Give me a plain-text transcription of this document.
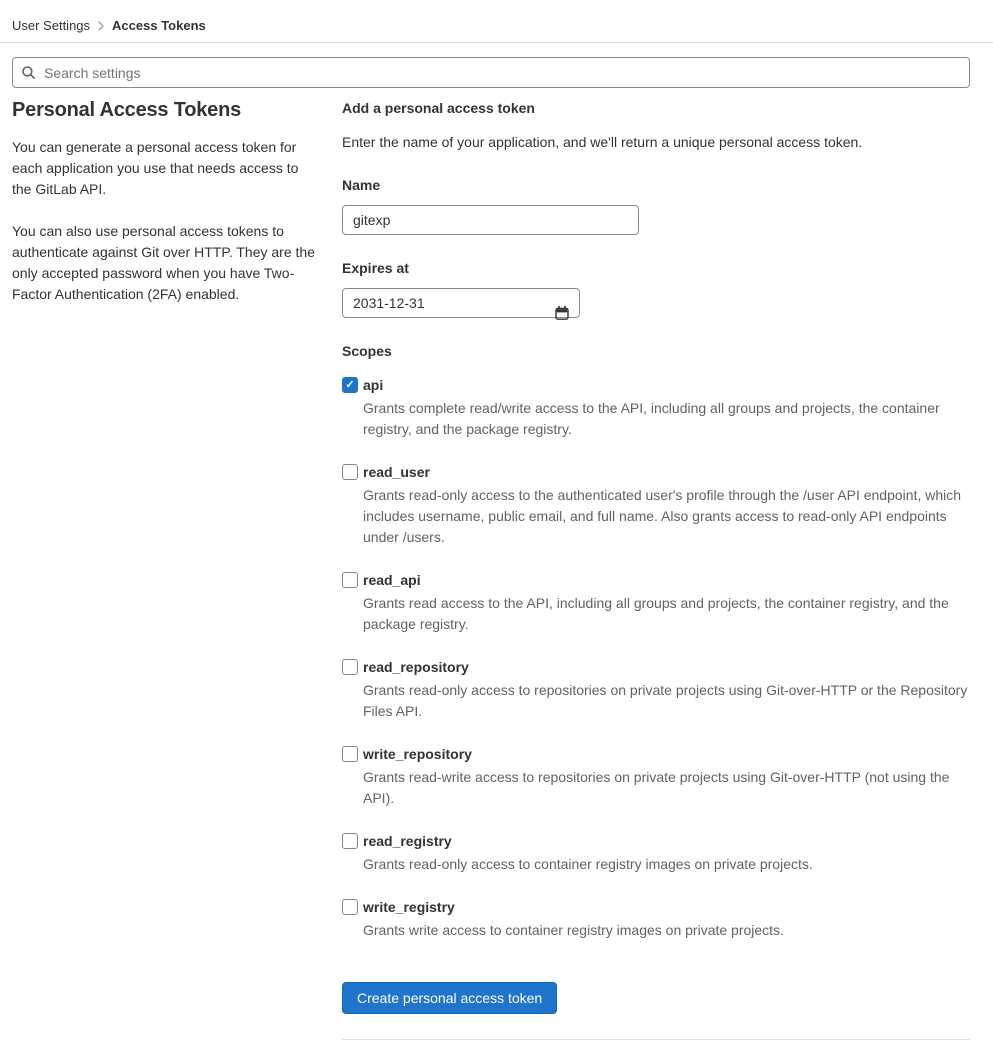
User Settings Access Tokens
Search settings
Personal Access Tokens

You can generate a personal access token for each application you use that needs access to the GitLab API.

You can also use personal access tokens to authenticate against Git over HTTP. They are the only accepted password when you have Two-Factor Authentication (2FA) enabled.

Add a personal access token

Enter the name of your application, and we'll return a unique personal access token.

Name
gitexp
Expires at
2031-12-31
Scopes
✓ api
Grants complete read/write access to the API, including all groups and projects, the container registry, and the package registry.
read_user
Grants read-only access to the authenticated user's profile through the /user API endpoint, which includes username, public email, and full name. Also grants access to read-only API endpoints under /users.
read_api
Grants read access to the API, including all groups and projects, the container registry, and the package registry.
read_repository
Grants read-only access to repositories on private projects using Git-over-HTTP or the Repository Files API.
write_repository
Grants read-write access to repositories on private projects using Git-over-HTTP (not using the API).
read_registry
Grants read-only access to container registry images on private projects.
write_registry
Grants write access to container registry images on private projects.
Create personal access token
